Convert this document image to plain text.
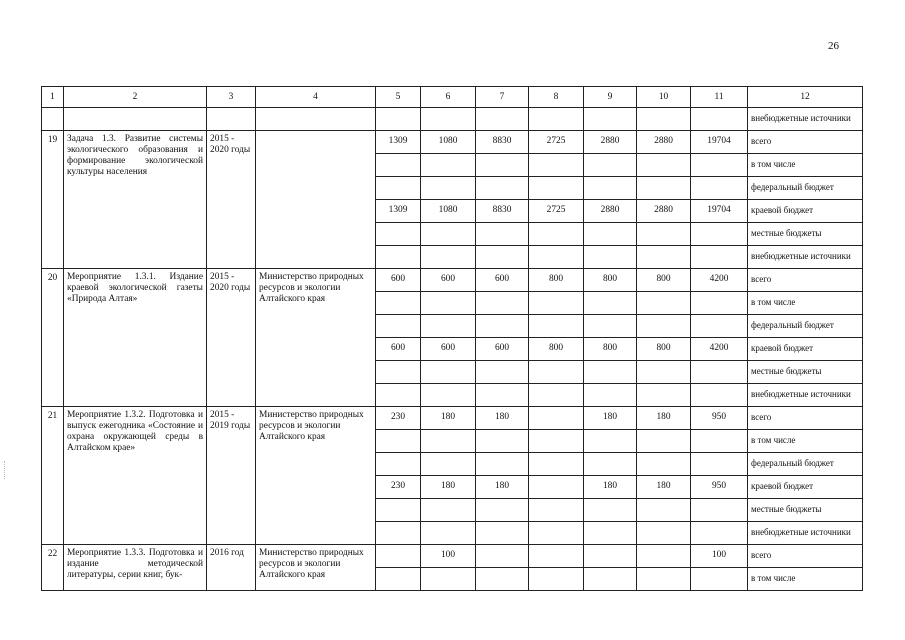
26
1	2	3	4	5	6	7	8	9	10	11	12
											внебюджетные источники
19	Задача 1.3. Развитие системы экологического образования и формирование экологической культуры населения	2015 - 2020 годы		1309	1080	8830	2725	2880	2880	19704	всего
											в том числе
											федеральный бюджет
				1309	1080	8830	2725	2880	2880	19704	краевой бюджет
											местные бюджеты
											внебюджетные источники
20	Мероприятие 1.3.1. Издание краевой экологической газеты «Природа Алтая»	2015 - 2020 годы	Министерство природных ресурсов и экологии Алтайского края	600	600	600	800	800	800	4200	всего
											в том числе
											федеральный бюджет
				600	600	600	800	800	800	4200	краевой бюджет
											местные бюджеты
											внебюджетные источники
21	Мероприятие 1.3.2. Подготовка и выпуск ежегодника «Состояние и охрана окружающей среды в Алтайском крае»	2015 - 2019 годы	Министерство природных ресурсов и экологии Алтайского края	230	180	180		180	180	950	всего
											в том числе
											федеральный бюджет
				230	180	180		180	180	950	краевой бюджет
											местные бюджеты
											внебюджетные источники
22	Мероприятие 1.3.3. Подготовка и издание методической литературы, серии книг, бук-	2016 год	Министерство природных ресурсов и экологии Алтайского края		100					100	всего
											в том числе
